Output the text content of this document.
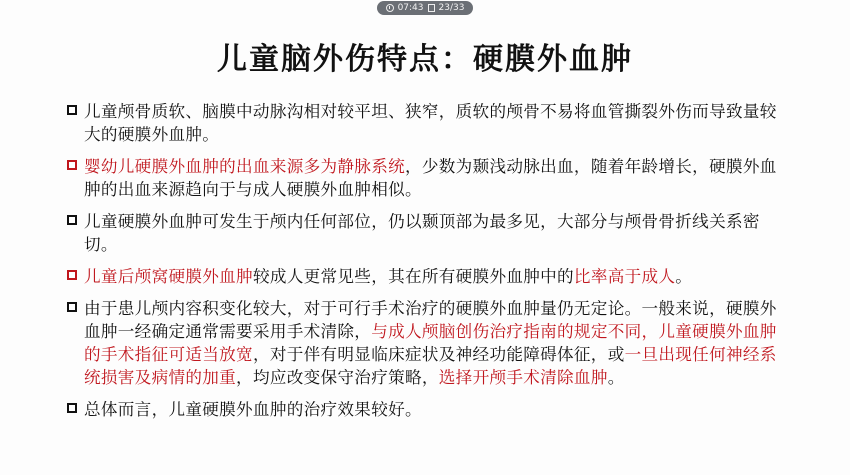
07:43 23/33
儿童脑外伤特点：硬膜外血肿
儿童颅骨质软、脑膜中动脉沟相对较平坦、狭窄，质软的颅骨不易将血管撕裂外伤而导致量较大的硬膜外血肿。
婴幼儿硬膜外血肿的出血来源多为静脉系统，少数为颞浅动脉出血，随着年龄增长，硬膜外血肿的出血来源趋向于与成人硬膜外血肿相似。
儿童硬膜外血肿可发生于颅内任何部位，仍以颞顶部为最多见，大部分与颅骨骨折线关系密切。
儿童后颅窝硬膜外血肿较成人更常见些，其在所有硬膜外血肿中的比率高于成人。
由于患儿颅内容积变化较大，对于可行手术治疗的硬膜外血肿量仍无定论。一般来说，硬膜外血肿一经确定通常需要采用手术清除，与成人颅脑创伤治疗指南的规定不同，儿童硬膜外血肿的手术指征可适当放宽，对于伴有明显临床症状及神经功能障碍体征，或一旦出现任何神经系统损害及病情的加重，均应改变保守治疗策略，选择开颅手术清除血肿。
总体而言，儿童硬膜外血肿的治疗效果较好。
